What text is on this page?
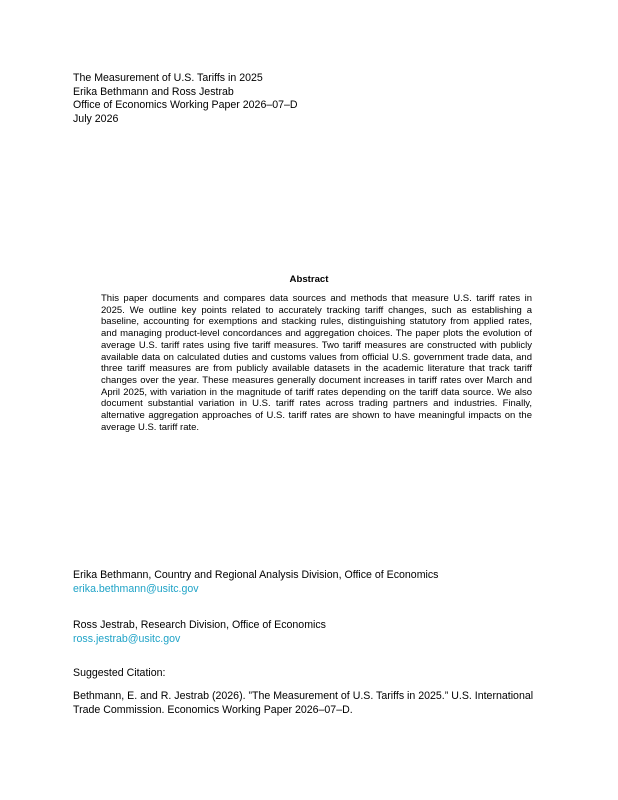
The Measurement of U.S. Tariffs in 2025
Erika Bethmann and Ross Jestrab
Office of Economics Working Paper 2026–07–D
July 2026
Abstract
This paper documents and compares data sources and methods that measure U.S. tariff rates in 2025. We outline key points related to accurately tracking tariff changes, such as establishing a baseline, accounting for exemptions and stacking rules, distinguishing statutory from applied rates, and managing product-level concordances and aggregation choices. The paper plots the evolution of average U.S. tariff rates using five tariff measures. Two tariff measures are constructed with publicly available data on calculated duties and customs values from official U.S. government trade data, and three tariff measures are from publicly available datasets in the academic literature that track tariff changes over the year. These measures generally document increases in tariff rates over March and April 2025, with variation in the magnitude of tariff rates depending on the tariff data source. We also document substantial variation in U.S. tariff rates across trading partners and industries. Finally, alternative aggregation approaches of U.S. tariff rates are shown to have meaningful impacts on the average U.S. tariff rate.
Erika Bethmann, Country and Regional Analysis Division, Office of Economics
erika.bethmann@usitc.gov
Ross Jestrab, Research Division, Office of Economics
ross.jestrab@usitc.gov
Suggested Citation:
Bethmann, E. and R. Jestrab (2026). ”The Measurement of U.S. Tariffs in 2025.” U.S. International Trade Commission. Economics Working Paper 2026–07–D.
